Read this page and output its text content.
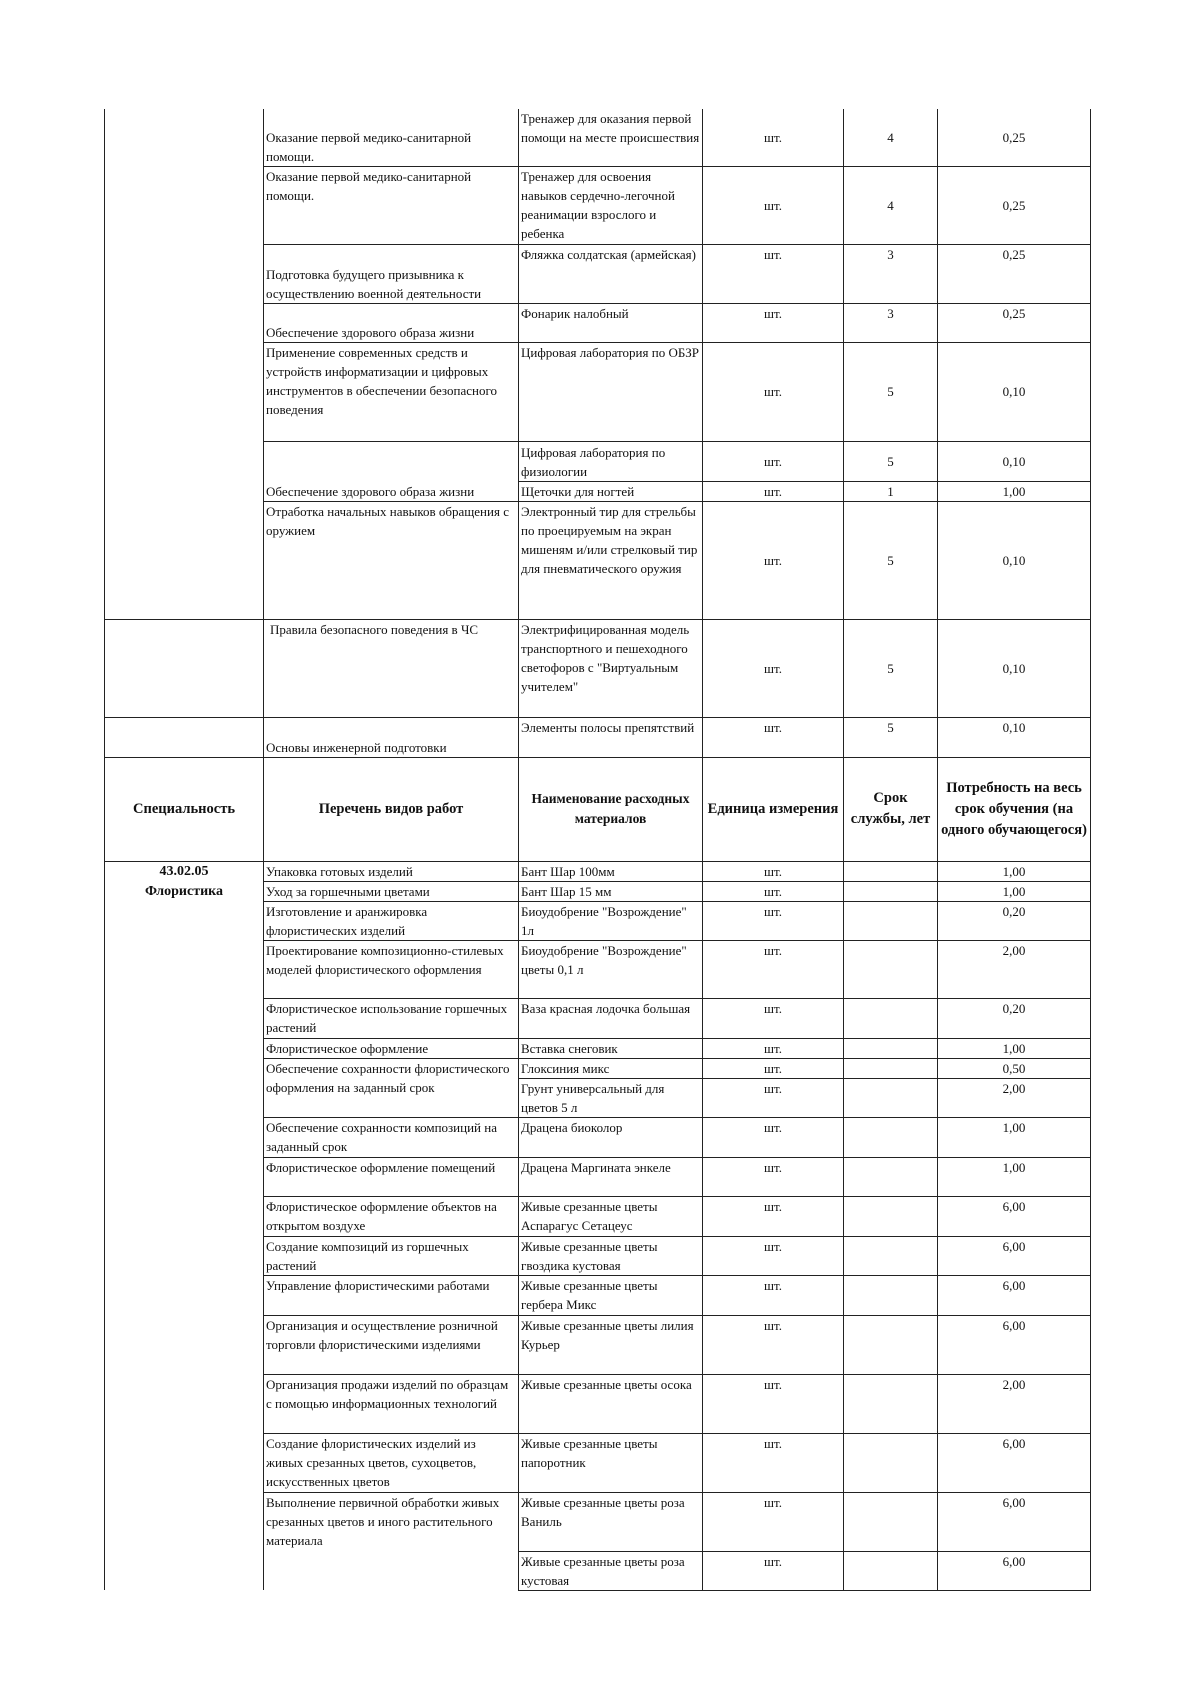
	Оказание первой медико-санитарной помощи.	Тренажер для оказания первой помощи на месте происшествия	шт.	4	0,25
	Оказание первой медико-санитарной помощи.	Тренажер для освоения навыков сердечно-легочной реанимации взрослого и ребенка	шт.	4	0,25
	Подготовка будущего призывника к осуществлению военной деятельности	Фляжка солдатская (армейская)	шт.	3	0,25
	Обеспечение здорового образа жизни	Фонарик налобный	шт.	3	0,25
	Применение современных средств и устройств информатизации и цифровых инструментов в обеспечении безопасного поведения	Цифровая лаборатория по ОБЗР	шт.	5	0,10
	Обеспечение здорового образа жизни	Цифровая лаборатория по физиологии	шт.	5	0,10
		Щеточки для ногтей	шт.	1	1,00
	Отработка начальных навыков обращения с оружием	Электронный тир для стрельбы по проецируемым на экран мишеням и/или стрелковый тир для пневматического оружия	шт.	5	0,10
	Правила безопасного поведения в ЧС	Электрифицированная модель транспортного и пешеходного светофоров с "Виртуальным учителем"	шт.	5	0,10
	Основы инженерной подготовки	Элементы полосы препятствий	шт.	5	0,10
Специальность	Перечень видов работ	Наименование расходных материалов	Единица измерения	Срок службы, лет	Потребность на весь срок обучения (на одного обучающегося)

43.02.05
Флористика	Упаковка готовых изделий	Бант Шар 100мм	шт.		1,00
	Уход за горшечными цветами	Бант Шар 15 мм	шт.		1,00
	Изготовление и аранжировка флористических изделий	Биоудобрение "Возрождение" 1л	шт.		0,20
	Проектирование композиционно-стилевых моделей флористического оформления	Биоудобрение "Возрождение" цветы 0,1 л	шт.		2,00
	Флористическое использование горшечных растений	Ваза красная лодочка большая	шт.		0,20
	Флористическое оформление	Вставка снеговик	шт.		1,00
	Обеспечение сохранности флористического оформления на заданный срок	Глоксиния микс	шт.		0,50
		Грунт универсальный для цветов 5 л	шт.		2,00
	Обеспечение сохранности композиций на заданный срок	Драцена биоколор	шт.		1,00
	Флористическое оформление помещений	Драцена Маргината энкеле	шт.		1,00
	Флористическое оформление объектов на открытом воздухе	Живые срезанные цветы Аспарагус Сетацеус	шт.		6,00
	Создание композиций из горшечных растений	Живые срезанные цветы гвоздика кустовая	шт.		6,00
	Управление флористическими работами	Живые срезанные цветы гербера Микс	шт.		6,00
	Организация и осуществление розничной торговли флористическими изделиями	Живые срезанные цветы лилия Курьер	шт.		6,00
	Организация продажи изделий по образцам с помощью информационных технологий	Живые срезанные цветы осока	шт.		2,00
	Создание флористических изделий из живых срезанных цветов, сухоцветов, искусственных цветов	Живые срезанные цветы папоротник	шт.		6,00
	Выполнение первичной обработки живых срезанных цветов и иного растительного материала	Живые срезанные цветы роза Ваниль	шт.		6,00
		Живые срезанные цветы роза кустовая	шт.		6,00
